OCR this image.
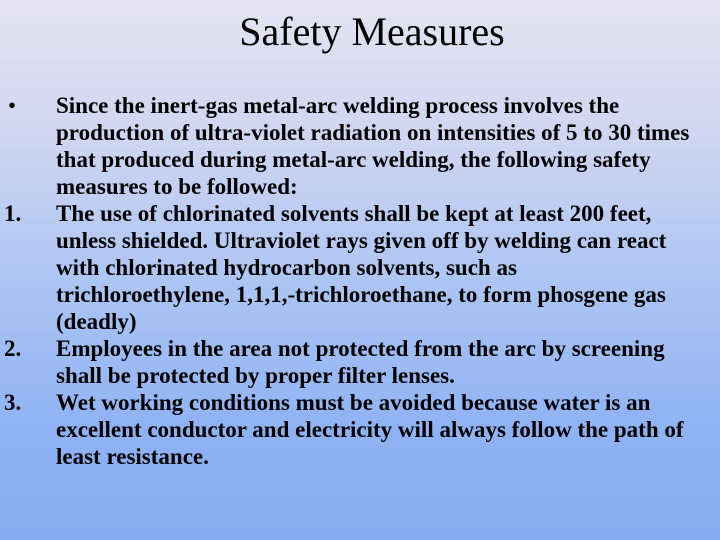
Safety Measures
•	Since the inert-gas metal-arc welding process involves the production of ultra-violet radiation on intensities of 5 to 30 times that produced during metal-arc welding, the following safety measures to be followed:
1.	The use of chlorinated solvents shall be kept at least 200 feet, unless shielded. Ultraviolet rays given off by welding can react with chlorinated hydrocarbon solvents, such as trichloroethylene, 1,1,1,-trichloroethane, to form phosgene gas (deadly)
2.	Employees in the area not protected from the arc by screening shall be protected by proper filter lenses.
3.	Wet working conditions must be avoided because water is an excellent conductor and electricity will always follow the path of least resistance.
